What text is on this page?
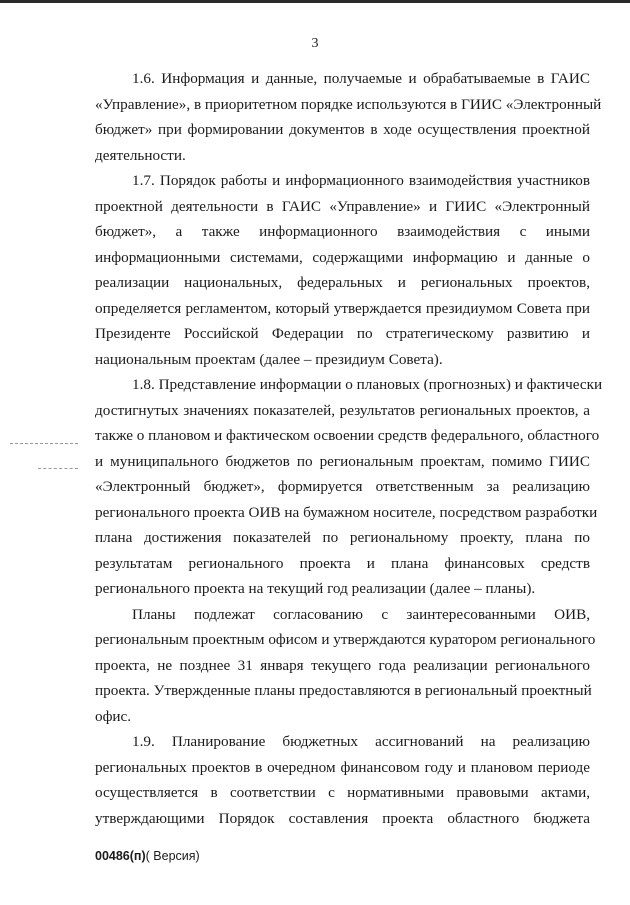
3

1.6. Информация и данные, получаемые и обрабатываемые в ГАИС
«Управление», в приоритетном порядке используются в ГИИС «Электронный
бюджет» при формировании документов в ходе осуществления проектной
деятельности.

1.7. Порядок работы и информационного взаимодействия участников
проектной деятельности в ГАИС «Управление» и ГИИС «Электронный
бюджет», а также информационного взаимодействия с иными
информационными системами, содержащими информацию и данные о
реализации национальных, федеральных и региональных проектов,
определяется регламентом, который утверждается президиумом Совета при
Президенте Российской Федерации по стратегическому развитию и
национальным проектам (далее – президиум Совета).

1.8. Представление информации о плановых (прогнозных) и фактически
достигнутых значениях показателей, результатов региональных проектов, а
также о плановом и фактическом освоении средств федерального, областного
и муниципального бюджетов по региональным проектам, помимо ГИИС
«Электронный бюджет», формируется ответственным за реализацию
регионального проекта ОИВ на бумажном носителе, посредством разработки
плана достижения показателей по региональному проекту, плана по
результатам регионального проекта и плана финансовых средств
регионального проекта на текущий год реализации (далее – планы).

Планы подлежат согласованию с заинтересованными ОИВ,
региональным проектным офисом и утверждаются куратором регионального
проекта, не позднее 31 января текущего года реализации регионального
проекта. Утвержденные планы предоставляются в региональный проектный
офис.

1.9. Планирование бюджетных ассигнований на реализацию
региональных проектов в очередном финансовом году и плановом периоде
осуществляется в соответствии с нормативными правовыми актами,
утверждающими Порядок составления проекта областного бюджета

00486(п)( Версия)
